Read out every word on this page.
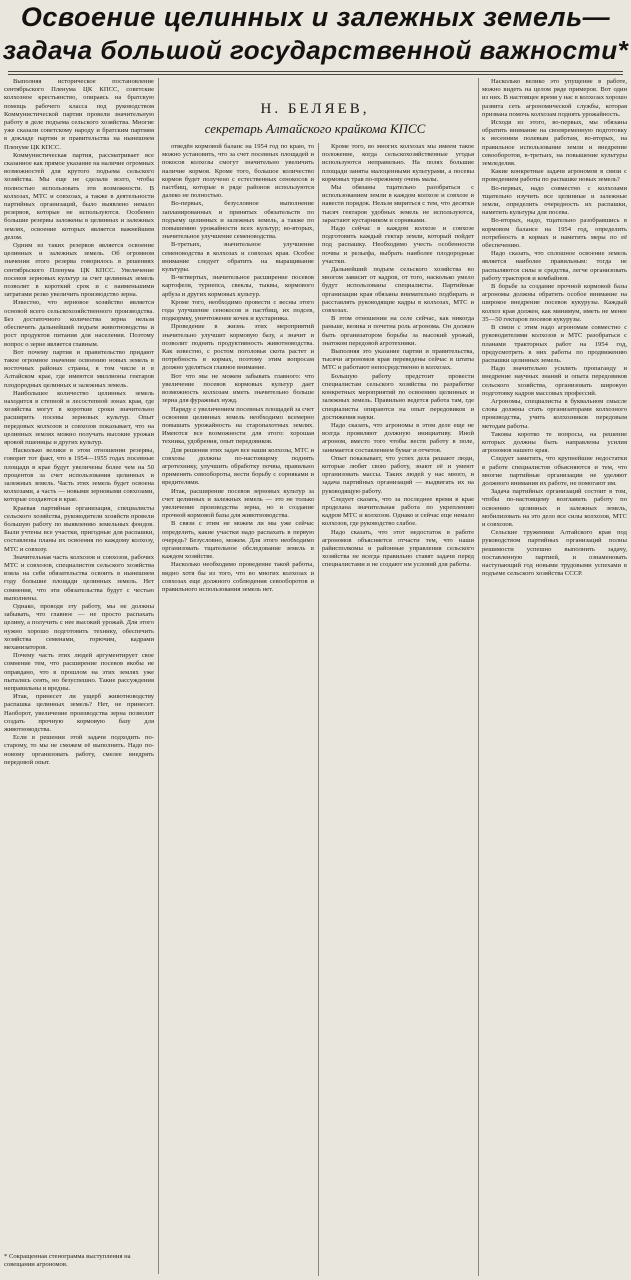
Освоение целинных и залежных земель—
задача большой государственной важности*
Н. БЕЛЯЕВ,
секретарь Алтайского крайкома КПСС

Выполняя историческое постановление сентябрьского Пленума ЦК КПСС, советские колхозное крестьянство, опираясь на братскую помощь рабочего класса под руководством Коммунистической партии провели значительную работу в деле подъема сельского хозяйства. Многие уже сказали советскому народу и братским партиям в докладе партии и правительства на нынешнем Пленуме ЦК КПСС.

Коммунистическая партия, рассматривает все сказанное как прямое указание на наличие огромных возможностей для крутого подъема сельского хозяйства. Мы еще не сделали всего, чтобы полностью использовать эти возможности. В колхозах, МТС и совхозах, а также в деятельности партийных организаций, было выявлено немало резервов, которые не используются. Особенно большие резервы заложены в целинных и залежных землях, освоение которых является важнейшим делом.

Одним из таких резервов является освоение целинных и залежных земель. Об огромном значении этого резерва говорилось в решениях сентябрьского Пленума ЦК КПСС. Увеличение посевов зерновых культур за счет целинных земель позволит в короткий срок и с наименьшими затратами резко увеличить производство зерна.

Известно, что зерновое хозяйство является основой всего сельскохозяйственного производства. Без достаточного количества зерна нельзя обеспечить дальнейший подъем животноводства и рост продуктов питания для населения. Поэтому вопрос о зерне является главным.

Вот почему партия и правительство придают такое огромное значение освоению новых земель в восточных районах страны, в том числе и в Алтайском крае, где имеются миллионы гектаров плодородных целинных и залежных земель.

Наибольшее количество целинных земель находится в степной и лесостепной зонах края, где хозяйства могут в короткие сроки значительно расширить посевы зерновых культур. Опыт передовых колхозов и совхозов показывает, что на целинных землях можно получать высокие урожаи яровой пшеницы и других культур.

Насколько велики в этом отношении резервы, говорит тот факт, что в 1954—1955 годах посевные площади в крае будут увеличены более чем на 50 процентов за счет использования целинных и залежных земель. Часть этих земель будет освоена колхозами, а часть — новыми зерновыми совхозами, которые создаются в крае.

Краевая партийная организация, специалисты сельского хозяйства, руководители хозяйств провели большую работу по выявлению земельных фондов. Были учтены все участки, пригодные для распашки, составлены планы их освоения по каждому колхозу, МТС и совхозу.

Значительная часть колхозов и совхозов, рабочих МТС и совхозов, специалистов сельского хозяйства взяла на себя обязательства освоить в нынешнем году большие площади целинных земель. Нет сомнения, что эти обязательства будут с честью выполнены.

Однако, проводя эту работу, мы не должны забывать, что главное — не просто распахать целину, а получить с нее высокий урожай. Для этого нужно хорошо подготовить технику, обеспечить хозяйства семенами, горючим, кадрами механизаторов.

Почему часть этих людей аргументирует свое сомнение тем, что расширение посевов якобы не оправдано, что в прошлом на этих землях уже пытались сеять, но безуспешно. Такие рассуждения неправильны и вредны.

Итак, принесет ли ущерб животноводству распашка целинных земель? Нет, не принесет. Наоборот, увеличение производства зерна позволит создать прочную кормовую базу для животноводства.

Если в решении этой задачи подходить по-старому, то мы не сможем её выполнить. Надо по-новому организовать работу, смелее внедрять передовой опыт.

отведён кормовой баланс на 1954 год по краю, то можно установить, что за счет посевных площадей и покосов колхозы смогут значительно увеличить наличие кормов. Кроме того, большое количество кормов будет получено с естественных сенокосов и пастбищ, которые в ряде районов используются далеко не полностью.

Во-первых, безусловное выполнение запланированных и принятых обязательств по подъему целинных и залежных земель, а также по повышению урожайности всех культур; во-вторых, значительное улучшение семеноводства.

В-третьих, значительное улучшение семеноводства в колхозах и совхозах края. Особое внимание следует обратить на выращивание культуры.

В-четвертых, значительное расширение посевов картофеля, турнепса, свеклы, тыквы, кормового арбуза и других кормовых культур.

Кроме того, необходимо провести с весны этого года улучшение сенокосов и пастбищ, их подсев, подкормку, уничтожение кочек и кустарника.

Проведение в жизнь этих мероприятий значительно улучшит кормовую базу, а значит и позволит поднять продуктивность животноводства. Как известно, с ростом поголовья скота растет и потребность в кормах, поэтому этим вопросам должно уделяться главное внимание.

Вот что мы не можем забывать главного: что увеличение посевов кормовых культур дает возможность колхозам иметь значительно больше зерна для фуражных нужд.

Наряду с увеличением посевных площадей за счет освоения целинных земель необходимо всемерно повышать урожайность на старопахотных землях. Имеются все возможности для этого: хорошая техника, удобрения, опыт передовиков.

Для решения этих задач все наши колхозы, МТС и совхозы должны по-настоящему поднять агротехнику, улучшить обработку почвы, правильно применять севообороты, вести борьбу с сорняками и вредителями.

Итак, расширение посевов зерновых культур за счет целинных и залежных земель — это не только увеличение производства зерна, но и создание прочной кормовой базы для животноводства.

В связи с этим не можем ли мы уже сейчас определить, какие участки надо распахать в первую очередь? Безусловно, можем. Для этого необходимо организовать тщательное обследование земель в каждом хозяйстве.

Насколько необходимо проведение такой работы, видно хотя бы из того, что во многих колхозах и совхозах еще должного соблюдения севооборотов и правильного использования земель нет.

Кроме того, во многих колхозах мы имеем такое положение, когда сельскохозяйственные угодья используются неправильно. На полях большие площади заняты малоценными культурами, а посевы кормовых трав по-прежнему очень малы.

Мы обязаны тщательно разобраться с использованием земли в каждом колхозе и совхозе и навести порядок. Нельзя мириться с тем, что десятки тысяч гектаров удобных земель не используются, зарастают кустарником и сорняками.

Надо сейчас в каждом колхозе и совхозе подготовить каждый гектар земли, который пойдет под распашку. Необходимо учесть особенности почвы и рельефа, выбрать наиболее плодородные участки.

Дальнейший подъем сельского хозяйства во многом зависит от кадров, от того, насколько умело будут использованы специалисты. Партийные организации края обязаны внимательно подбирать и расставлять руководящие кадры в колхозах, МТС и совхозах.

В этом отношении на селе сейчас, как никогда раньше, велика и почетна роль агронома. Он должен быть организатором борьбы за высокий урожай, знатоком передовой агротехники.

Выполняя это указание партии и правительства, тысячи агрономов края переведены сейчас в штаты МТС и работают непосредственно в колхозах.

Большую работу предстоит провести специалистам сельского хозяйства по разработке конкретных мероприятий по освоению целинных и залежных земель. Правильно ведется работа там, где специалисты опираются на опыт передовиков и достижения науки.

Надо сказать, что агрономы в этом деле еще не всегда проявляют должную инициативу. Иной агроном, вместо того чтобы вести работу в поле, занимается составлением бумаг и отчетов.

Опыт показывает, что успех дела решают люди, которые любят свою работу, знают её и умеют организовать массы. Таких людей у нас много, и задача партийных организаций — выдвигать их на руководящую работу.

Следует сказать, что за последнее время в крае проделана значительная работа по укреплению кадров МТС и колхозов. Однако и сейчас еще немало колхозов, где руководство слабое.

Надо сказать, что этот недостаток в работе агрономов объясняется отчасти тем, что наши райисполкомы и районные управления сельского хозяйства не всегда правильно ставят задачи перед специалистами и не создают им условий для работы.

Насколько велико это упущение в работе, можно видеть на целом ряде примеров. Вот один из них. В настоящее время у нас в колхозах хорошо развита сеть агрономической службы, которая призвана помочь колхозам поднять урожайность.

Исходя из этого, во-первых, мы обязаны обратить внимание на своевременную подготовку к весенним полевым работам, во-вторых, на правильное использование земли и внедрение севооборотов, в-третьих, на повышение культуры земледелия.

Какие конкретные задачи агрономов в связи с проведением работы по распашке новых земель?

Во-первых, надо совместно с колхозами тщательно изучить все целинные и залежные земли, определить очередность их распашки, наметить культуры для посева.

Во-вторых, надо, тщательно разобравшись в кормовом балансе на 1954 год, определить потребность в кормах и наметить меры по её обеспечению.

Надо сказать, что сплошное освоение земель является наиболее правильным: тогда не распыляются силы и средства, легче организовать работу тракторов и комбайнов.

В борьбе за создание прочной кормовой базы агрономы должны обратить особое внимание на широкое внедрение посевов кукурузы. Каждый колхоз края должен, как минимум, иметь не менее 35—50 гектаров посевов кукурузы.

В связи с этим надо агрономам совместно с руководителями колхозов и МТС разобраться с планами тракторных работ на 1954 год, предусмотреть в них работы по продвижению распашки целинных земель.

Надо значительно усилить пропаганду и внедрение научных знаний и опыта передовиков сельского хозяйства, организовать широкую подготовку кадров массовых профессий.

Агрономы, специалисты в буквальном смысле слова должны стать организаторами колхозного производства, учить колхозников передовым методам работы.

Таковы коротко те вопросы, на решение которых должны быть направлены усилия агрономов нашего края.

Следует заметить, что крупнейшие недостатки в работе специалистов объясняются и тем, что многие партийные организации не уделяют должного внимания их работе, не помогают им.

Задача партийных организаций состоит в том, чтобы по-настоящему возглавить работу по освоению целинных и залежных земель, мобилизовать на это дело все силы колхозов, МТС и совхозов.

Сельские труженики Алтайского края под руководством партийных организаций полны решимости успешно выполнить задачу, поставленную партией, и ознаменовать наступающий год новыми трудовыми успехами в подъеме сельского хозяйства СССР.

* Сокращенная стенограмма выступления на совещании агрономов.
